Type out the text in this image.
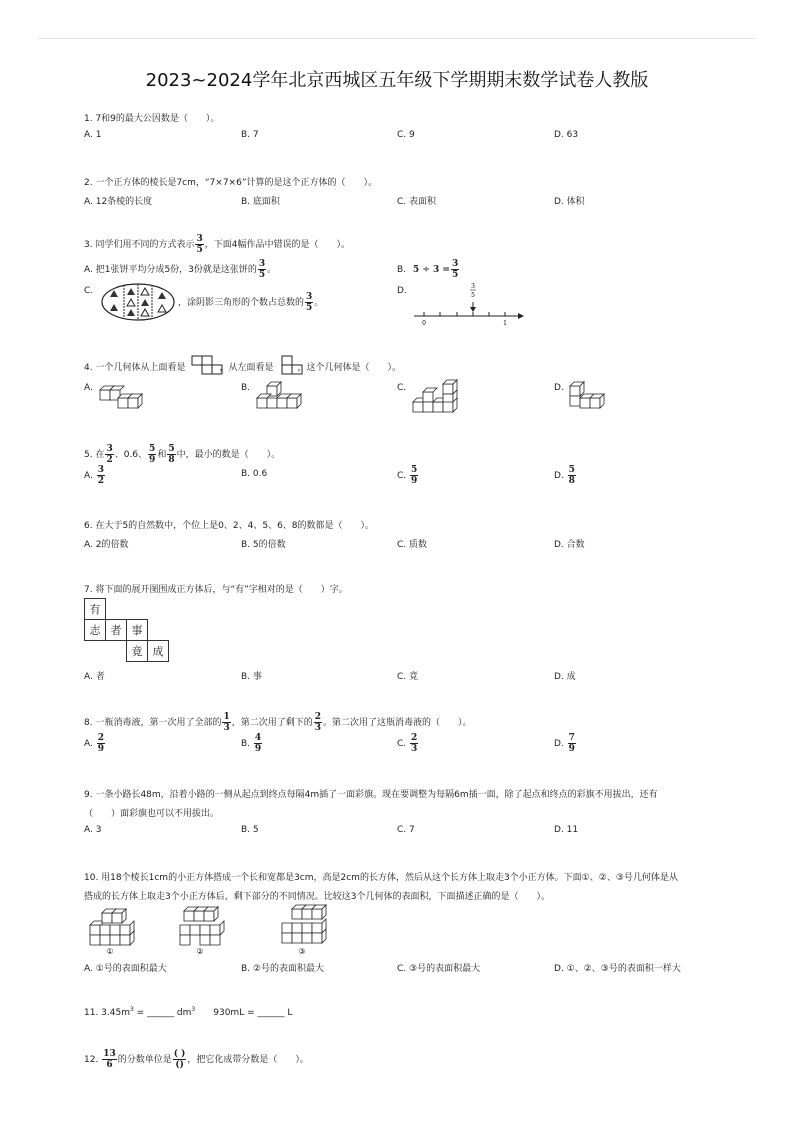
2023~2024学年北京西城区五年级下学期期末数学试卷人教版
1. 7和9的最大公因数是（　　）。
A. 1	B. 7	C. 9	D. 63
2. 一个正方体的棱长是7cm，“7×7×6”计算的是这个正方体的（　　）。
A. 12条棱的长度	B. 底面积	C. 表面积	D. 体积
3. 同学们用不同的方式表示 $\frac{3}{5}$ ，下面4幅作品中错误的是（　　）。
A. 把1张饼平均分成5份，3份就是这张饼的 $\frac{3}{5}$ 。	B. $5 \div 3 = \frac{3}{5}$
C.
，涂阴影三角形的个数占总数的 $\frac{3}{5}$ 。
D.	3
5
0	1
4. 一个几何体从上面看是	，从左面看是	，这个几何体是（　　）。
A.	B.	C.	D.
5. 在 $\frac{3}{2}$ 、0.6、 $\frac{5}{9}$ 和 $\frac{5}{8}$ 中，最小的数是（　　）。
A. $\frac{3}{2}$	B. 0.6	C. $\frac{5}{9}$	D. $\frac{5}{8}$
6. 在大于5的自然数中，个位上是0、2、4、5、6、8的数都是（　　）。
A. 2的倍数	B. 5的倍数	C. 质数	D. 合数
7. 将下面的展开图围成正方体后，与“有”字相对的是（　　）字。
有			
志	者	事	
		竟	成
A. 者	B. 事	C. 竟	D. 成
8. 一瓶消毒液，第一次用了全部的 $\frac{1}{3}$ ，第二次用了剩下的 $\frac{2}{3}$ 。第二次用了这瓶消毒液的（　　）。
A. $\frac{2}{9}$	B. $\frac{4}{9}$	C. $\frac{2}{3}$	D. $\frac{7}{9}$
9. 一条小路长48m，沿着小路的一侧从起点到终点每隔4m插了一面彩旗。现在要调整为每隔6m插一面，除了起点和终点的彩旗不用拔出，还有
（　　）面彩旗也可以不用拔出。
A. 3	B. 5	C. 7	D. 11
10. 用18个棱长1cm的小正方体搭成一个长和宽都是3cm，高是2cm的长方体，然后从这个长方体上取走3个小正方体。下面①、②、③号几何体是从
搭成的长方体上取走3个小正方体后，剩下部分的不同情况。比较这3个几何体的表面积，下面描述正确的是（　　）。
①	②	③
A. ①号的表面积最大	B. ②号的表面积最大	C. ③号的表面积最大	D. ①、②、③号的表面积一样大
11. $3.45m^3$ = ______ $dm^3$　　930mL = ______ L
12. $\frac{13}{6}$ 的分数单位是 $\frac{( )}{()}$ ，把它化成带分数是（　　）。
